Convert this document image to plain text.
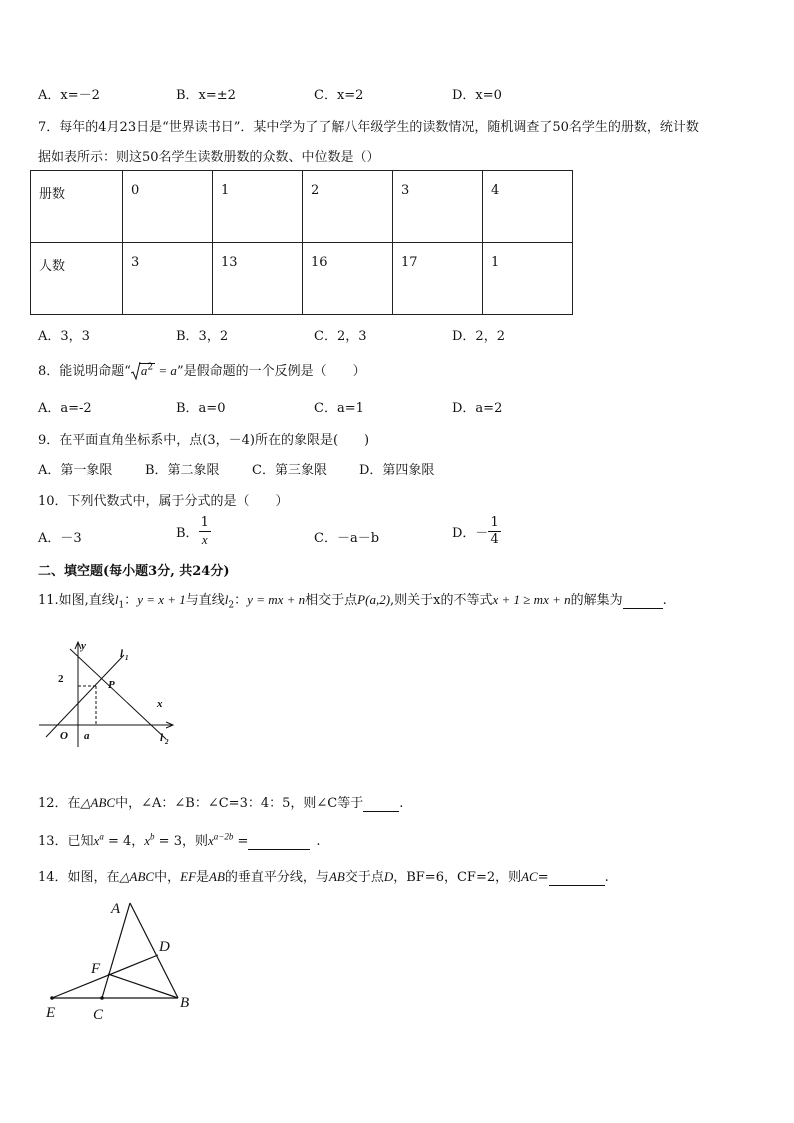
A．x=－2	B．x=±2	C．x=2	D．x=0
7．每年的4月23日是“世界读书日”．某中学为了了解八年级学生的读数情况，随机调查了50名学生的册数，统计数
据如表所示：则这50名学生读数册数的众数、中位数是（）
册数	0	1	2	3	4
人数	3	13	16	17	1
A．3，3	B．3，2	C．2，3	D．2，2
8．能说明命题“ $a^2 = a$”是假命题的一个反例是（　　）
A．a=-2	B．a=0	C．a=1	D．a=2
9．在平面直角坐标系中，点(3，－4)所在的象限是(　　)
A．第一象限	B．第二象限 C．第三象限 D．第四象限
10．下列代数式中，属于分式的是（　　）
A．－3	B． $\frac{1}{x}$	C．－a－b	D．－ $\frac{1}{4}$
二、填空题(每小题3分, 共24分)
11.如图,直线$l_1$：y = x + 1与直线$l_2$：y = mx + n相交于点P(a,2),则关于x的不等式x + 1 ≥ mx + n的解集为	.
y
x
2	P
O a
l 1
l 2
12．在△ABC中，∠A：∠B：∠C=3：4：5，则∠C等于	.
13．已知$x^a = 4$，$x^b = 3$，则$x^{a-2b}$ =	.
14．如图，在△ABC中，EF是AB的垂直平分线，与AB交于点D，BF=6，CF=2，则AC=	.
A
D
F
E	C
B
